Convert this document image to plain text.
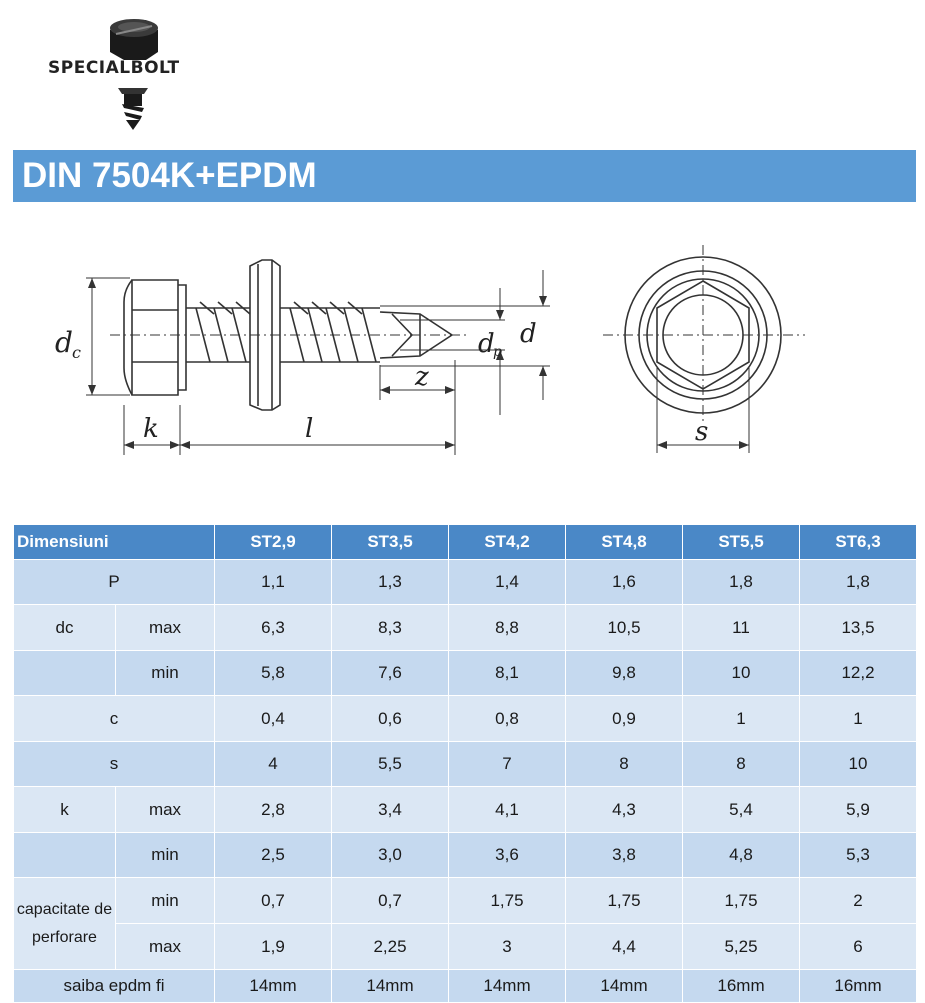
SPECIALBOLT
DIN 7504K+EPDM
d c
k	l
z
d
p
d
s
Dimensiuni		ST2,9	ST3,5	ST4,2	ST4,8	ST5,5	ST6,3
P		1,1	1,3	1,4	1,6	1,8	1,8
dc	max	6,3	8,3	8,8	10,5	11	13,5
	min	5,8	7,6	8,1	9,8	10	12,2
c		0,4	0,6	0,8	0,9	1	1
s		4	5,5	7	8	8	10
k	max	2,8	3,4	4,1	4,3	5,4	5,9
	min	2,5	3,0	3,6	3,8	4,8	5,3
capacitate de perforare	min	0,7	0,7	1,75	1,75	1,75	2
	max	1,9	2,25	3	4,4	5,25	6
saiba epdm fi		14mm	14mm	14mm	14mm	16mm	16mm
